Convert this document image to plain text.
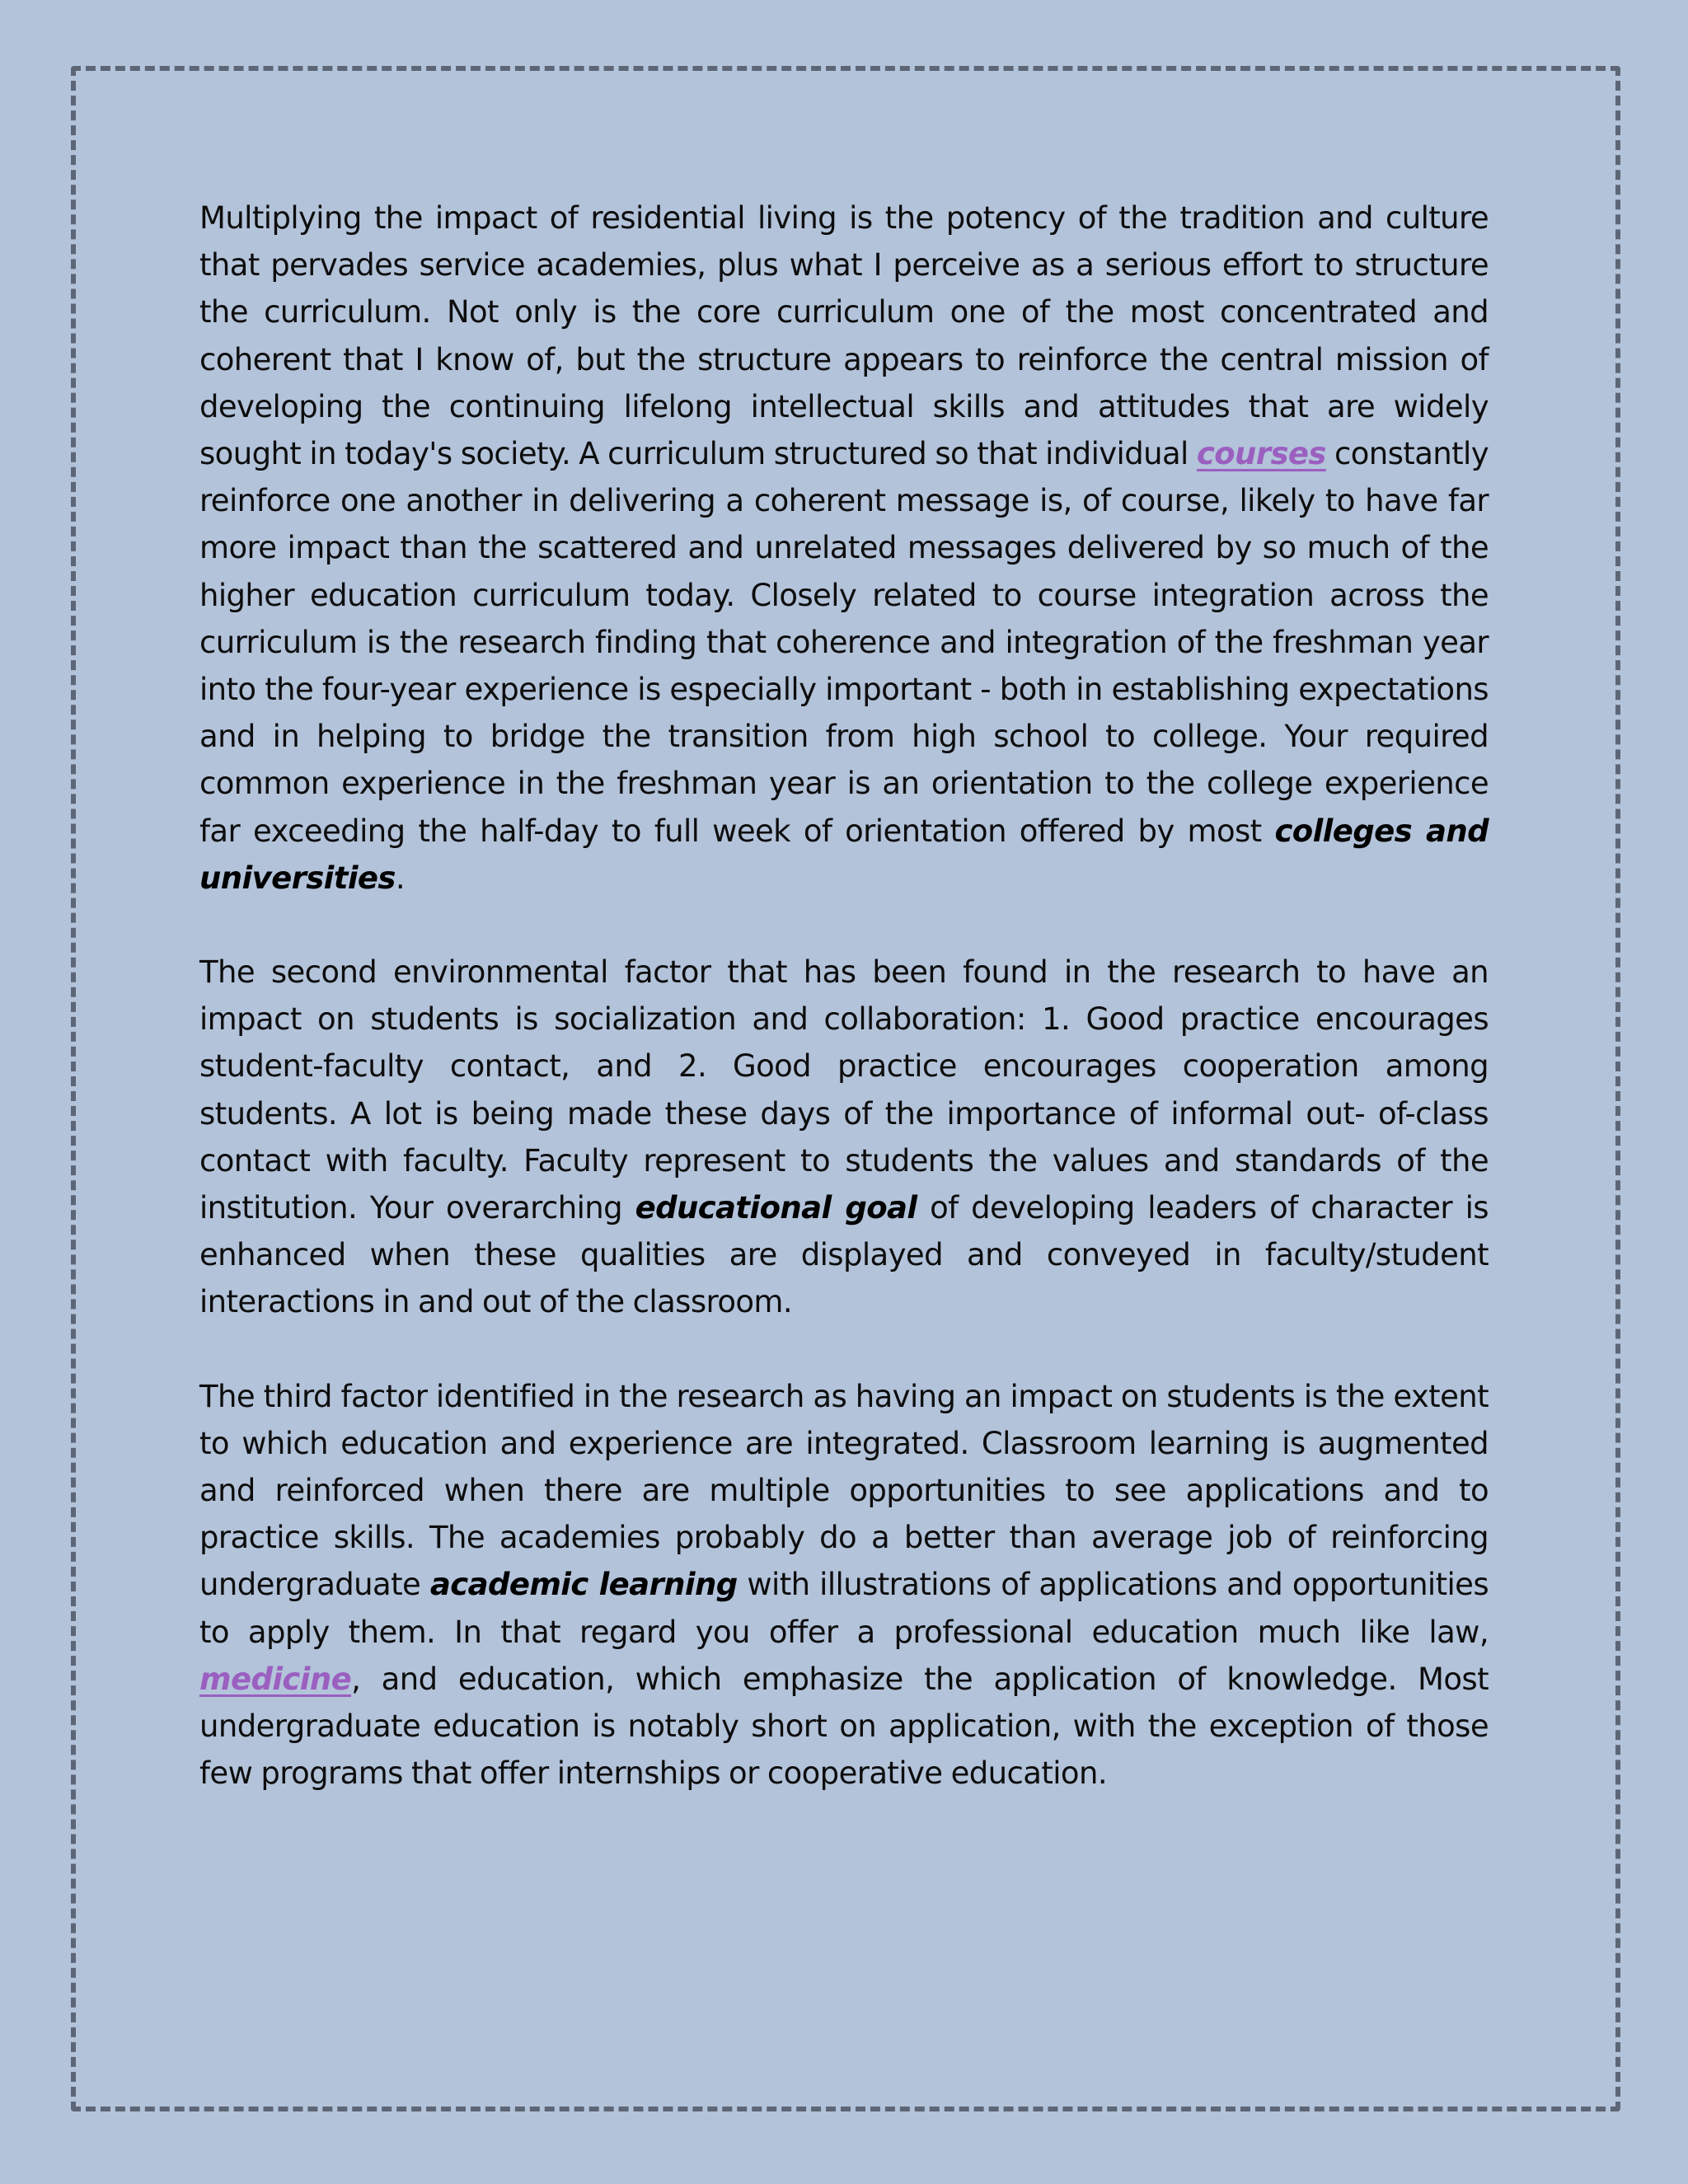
Multiplying the impact of residential living is the potency of the tradition and culture that pervades service academies, plus what I perceive as a serious effort to structure the curriculum. Not only is the core curriculum one of the most concentrated and coherent that I know of, but the structure appears to reinforce the central mission of developing the continuing lifelong intellectual skills and attitudes that are widely sought in today's society. A curriculum structured so that individual courses constantly reinforce one another in delivering a coherent message is, of course, likely to have far more impact than the scattered and unrelated messages delivered by so much of the higher education curriculum today. Closely related to course integration across the curriculum is the research finding that coherence and integration of the freshman year into the four-year experience is especially important - both in establishing expectations and in helping to bridge the transition from high school to college. Your required common experience in the freshman year is an orientation to the college experience far exceeding the half-day to full week of orientation offered by most colleges and universities.

The second environmental factor that has been found in the research to have an impact on students is socialization and collaboration: 1. Good practice encourages student-faculty contact, and 2. Good practice encourages cooperation among students. A lot is being made these days of the importance of informal out- of-class contact with faculty. Faculty represent to students the values and standards of the institution. Your overarching educational goal of developing leaders of character is enhanced when these qualities are displayed and conveyed in faculty/student interactions in and out of the classroom.

The third factor identified in the research as having an impact on students is the extent to which education and experience are integrated. Classroom learning is augmented and reinforced when there are multiple opportunities to see applications and to practice skills. The academies probably do a better than average job of reinforcing undergraduate academic learning with illustrations of applications and opportunities to apply them. In that regard you offer a professional education much like law, medicine, and education, which emphasize the application of knowledge. Most undergraduate education is notably short on application, with the exception of those few programs that offer internships or cooperative education.
